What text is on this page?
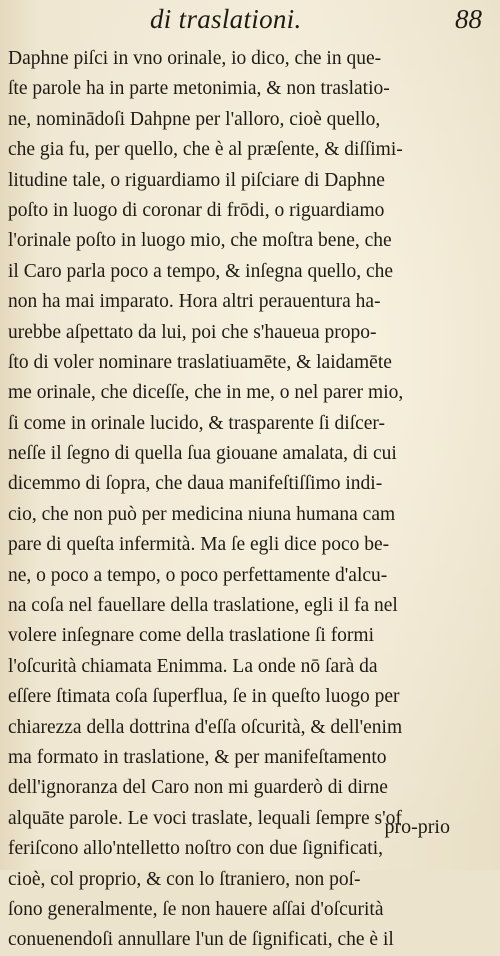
di traslationi.	88
Daphne piſci in vno orinale, io dico, che in que-
ſte parole ha in parte metonimia, & non traslatio-
ne, nominādoſi Dahpne per l'alloro, cioè quello,
che gia fu, per quello, che è al præſente, & diſſimi-
litudine tale, o riguardiamo il piſciare di Daphne
poſto in luogo di coronar di frōdi, o riguardiamo
l'orinale poſto in luogo mio, che moſtra bene, che
il Caro parla poco a tempo, & inſegna quello, che
non ha mai imparato. Hora altri perauentura ha-
urebbe aſpettato da lui, poi che s'haueua propo-
ſto di voler nominare traslatiuamēte, & laidamēte
me orinale, che diceſſe, che in me, o nel parer mio,
ſi come in orinale lucido, & trasparente ſi diſcer-
neſſe il ſegno di quella ſua giouane amalata, di cui
dicemmo di ſopra, che daua manifeſtiſſimo indi-
cio, che non può per medicina niuna humana cam
pare di queſta infermità. Ma ſe egli dice poco be-
ne, o poco a tempo, o poco perfettamente d'alcu-
na coſa nel fauellare della traslatione, egli il fa nel
volere inſegnare come della traslatione ſi formi
l'oſcurità chiamata Enimma. La onde nō ſarà da
eſſere ſtimata coſa ſuperflua, ſe in queſto luogo per
chiarezza della dottrina d'eſſa oſcurità, & dell'enim
ma formato in traslatione, & per manifeſtamento
dell'ignoranza del Caro non mi guarderò di dirne
alquāte parole. Le voci traslate, lequali ſempre s'of
feriſcono allo'ntelletto noſtro con due ſignificati,
cioè, col proprio, & con lo ſtraniero, non poſ-
ſono generalmente, ſe non hauere aſſai d'oſcurità
conuenendoſi annullare l'un de ſignificati, che è il
pro-prio
